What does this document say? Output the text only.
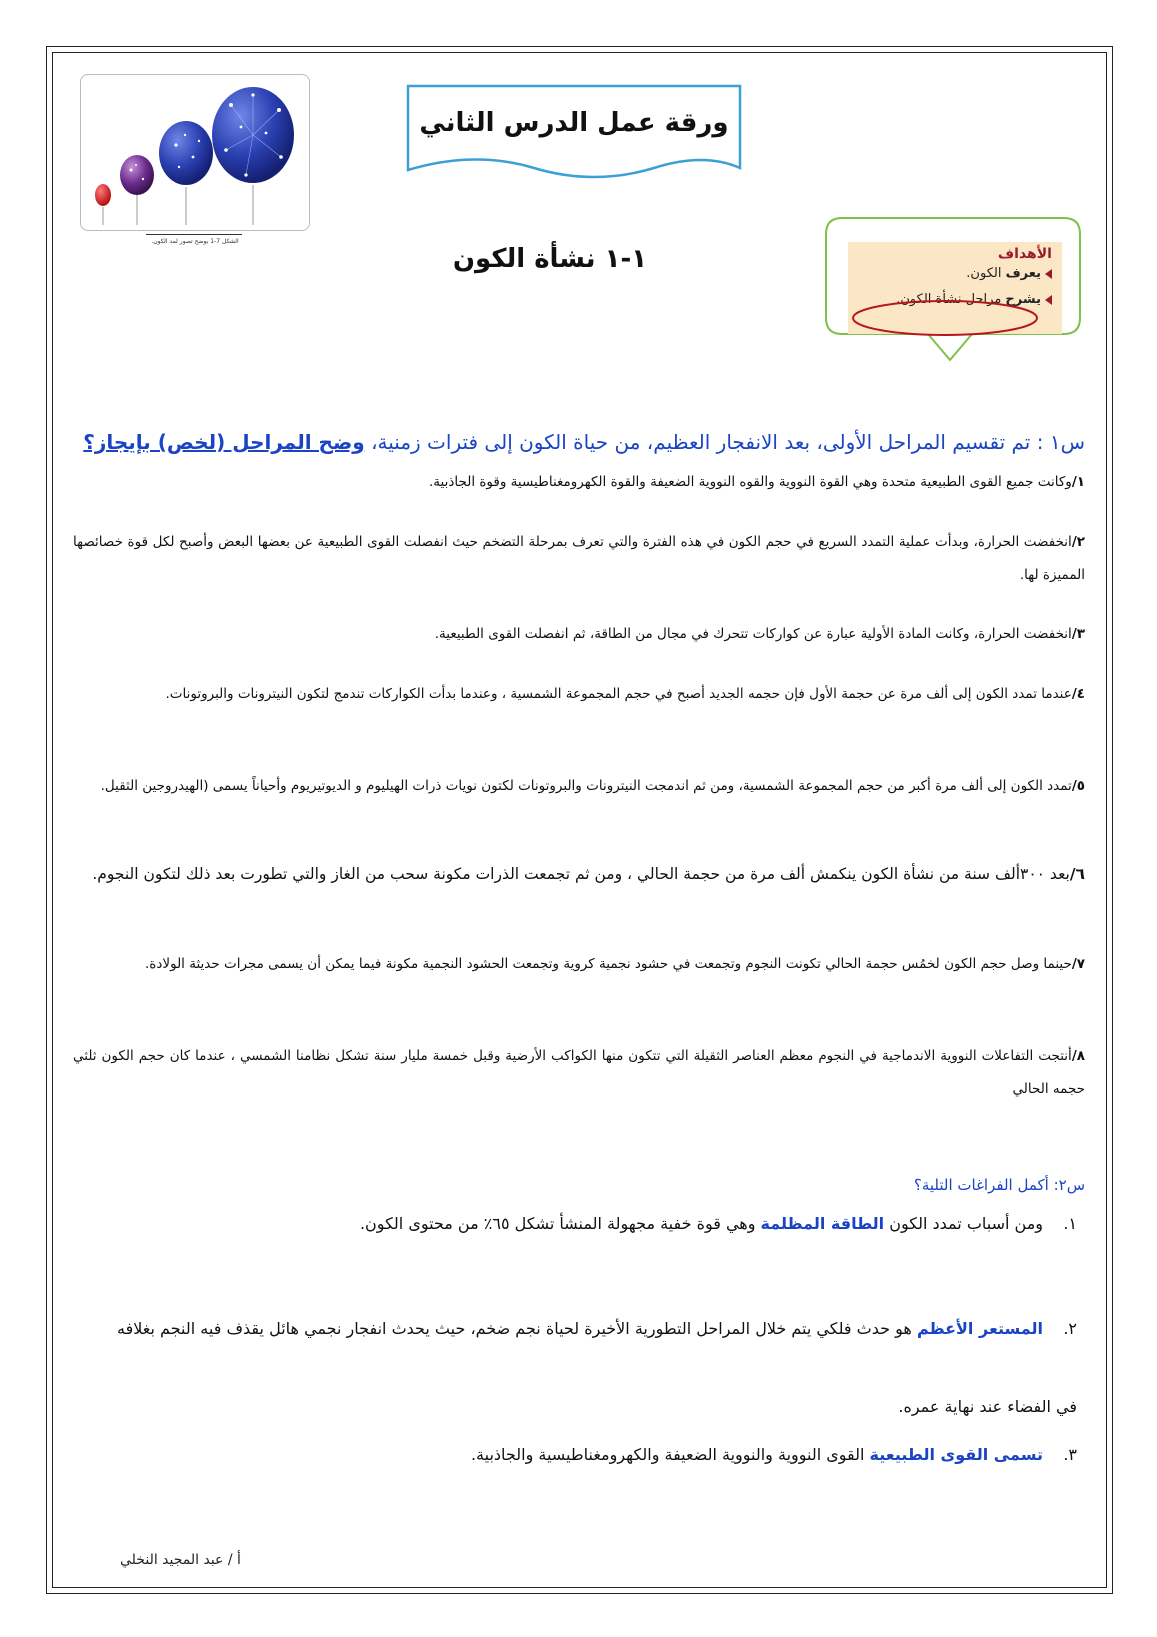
الشكل 7-1 يوضح تصور لمد الكون.
ورقة عمل الدرس الثاني
١-١ نشأة الكون	الأهداف
يعرف الكون.
يشرح مراحل نشأة الكون.
س١ : تم تقسيم المراحل الأولى، بعد الانفجار العظيم، من حياة الكون إلى فترات زمنية، وضح المراحل (لخص) بإيجاز؟
١/وكانت جميع القوى الطبيعية متحدة وهي القوة النووية والقوه النووية الضعيفة والقوة الكهرومغناطيسية وقوة الجاذبية.
٢/انخفضت الحرارة، وبدأت عملية التمدد السريع في حجم الكون في هذه الفترة والتي تعرف بمرحلة التضخم حيث انفصلت القوى الطبيعية عن بعضها البعض وأصبح لكل قوة خصائصها المميزة لها.
٣/انخفضت الحرارة، وكانت المادة الأولية عبارة عن كواركات تتحرك في مجال من الطاقة، ثم انفصلت القوى الطبيعية.
٤/عندما تمدد الكون إلى ألف مرة عن حجمة الأول فإن حجمه الجديد أصبح في حجم المجموعة الشمسية ، وعندما بدأت الكواركات تندمج لتكون النيترونات والبروتونات.
٥/تمدد الكون إلى ألف مرة أكبر من حجم المجموعة الشمسية، ومن ثم اندمجت النيترونات والبروتونات لكتون نويات ذرات الهيليوم و الديوتيريوم وأحياناً يسمى (الهيدروجين الثقيل.
٦/بعد ٣٠٠ألف سنة من نشأة الكون ينكمش ألف مرة من حجمة الحالي ، ومن ثم تجمعت الذرات مكونة سحب من الغاز والتي تطورت بعد ذلك لتكون النجوم.
٧/حينما وصل حجم الكون لخمُس حجمة الحالي تكونت النجوم وتجمعت في حشود نجمية كروية وتجمعت الحشود النجمية مكونة فيما يمكن أن يسمى مجرات حديثة الولادة.
٨/أنتجت التفاعلات النووية الاندماجية في النجوم معظم العناصر الثقيلة التي تتكون منها الكواكب الأرضية وقبل خمسة مليار سنة تشكل نظامنا الشمسي ، عندما كان حجم الكون ثلثي حجمه الحالي
س٢: أكمل الفراغات التلية؟
١.ومن أسباب تمدد الكون الطاقة المظلمة وهي قوة خفية مجهولة المنشأ تشكل ٦٥٪ من محتوى الكون.
٢.المستعر الأعظم هو حدث فلكي يتم خلال المراحل التطورية الأخيرة لحياة نجم ضخم، حيث يحدث انفجار نجمي هائل يقذف فيه النجم بغلافه في الفضاء عند نهاية عمره.
٣.تسمى القوى الطبيعية القوى النووية والنووية الضعيفة والكهرومغناطيسية والجاذبية.
أ / عبد المجيد النخلي
